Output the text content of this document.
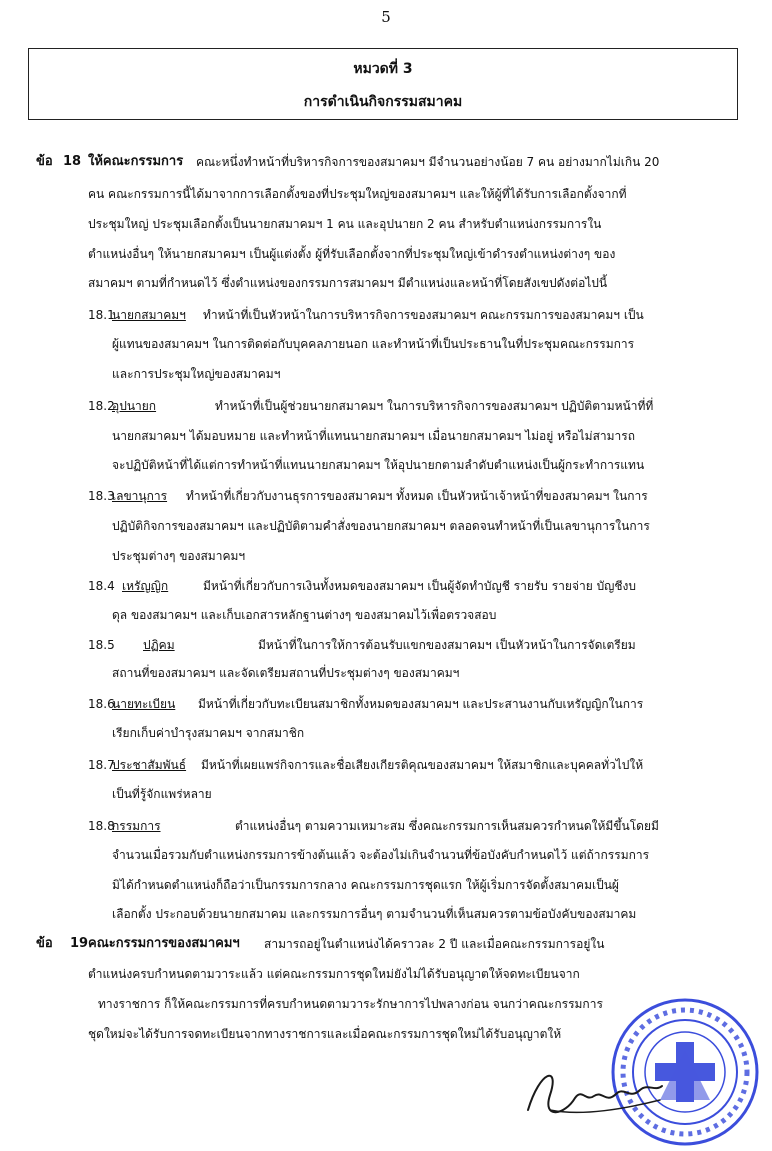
5
หมวดที่ 3
การดำเนินกิจกรรมสมาคม
ข้อ 18 ให้คณะกรรมการ คณะหนึ่งทำหน้าที่บริหารกิจการของสมาคมฯ มีจำนวนอย่างน้อย 7 คน อย่างมากไม่เกิน 20
คน คณะกรรมการนี้ได้มาจากการเลือกตั้งของที่ประชุมใหญ่ของสมาคมฯ และให้ผู้ที่ได้รับการเลือกตั้งจากที่
ประชุมใหญ่ ประชุมเลือกตั้งเป็นนายกสมาคมฯ 1 คน และอุปนายก 2 คน สำหรับตำแหน่งกรรมการใน
ตำแหน่งอื่นๆ ให้นายกสมาคมฯ เป็นผู้แต่งตั้ง ผู้ที่รับเลือกตั้งจากที่ประชุมใหญ่เข้าดำรงตำแหน่งต่างๆ ของ
สมาคมฯ ตามที่กำหนดไว้ ซึ่งตำแหน่งของกรรมการสมาคมฯ มีตำแหน่งและหน้าที่โดยสังเขปดังต่อไปนี้
18.1
นายกสมาคมฯ ทำหน้าที่เป็นหัวหน้าในการบริหารกิจการของสมาคมฯ คณะกรรมการของสมาคมฯ เป็น
ผู้แทนของสมาคมฯ ในการติดต่อกับบุคคลภายนอก และทำหน้าที่เป็นประธานในที่ประชุมคณะกรรมการ
และการประชุมใหญ่ของสมาคมฯ
18.2
อุปนายก	ทำหน้าที่เป็นผู้ช่วยนายกสมาคมฯ ในการบริหารกิจการของสมาคมฯ ปฏิบัติตามหน้าที่ที่
นายกสมาคมฯ ได้มอบหมาย และทำหน้าที่แทนนายกสมาคมฯ เมื่อนายกสมาคมฯ ไม่อยู่ หรือไม่สามารถ
จะปฏิบัติหน้าที่ได้แต่การทำหน้าที่แทนนายกสมาคมฯ ให้อุปนายกตามลำดับตำแหน่งเป็นผู้กระทำการแทน
18.3
เลขานุการ ทำหน้าที่เกี่ยวกับงานธุรการของสมาคมฯ ทั้งหมด เป็นหัวหน้าเจ้าหน้าที่ของสมาคมฯ ในการ
ปฏิบัติกิจการของสมาคมฯ และปฏิบัติตามคำสั่งของนายกสมาคมฯ ตลอดจนทำหน้าที่เป็นเลขานุการในการ
ประชุมต่างๆ ของสมาคมฯ
18.4 เหรัญญิก	มีหน้าที่เกี่ยวกับการเงินทั้งหมดของสมาคมฯ เป็นผู้จัดทำบัญชี รายรับ รายจ่าย บัญชีงบ
ดุล ของสมาคมฯ และเก็บเอกสารหลักฐานต่างๆ ของสมาคมไว้เพื่อตรวจสอบ
18.5 ปฏิคม	มีหน้าที่ในการให้การต้อนรับแขกของสมาคมฯ เป็นหัวหน้าในการจัดเตรียม
สถานที่ของสมาคมฯ และจัดเตรียมสถานที่ประชุมต่างๆ ของสมาคมฯ
18.6
นายทะเบียน มีหน้าที่เกี่ยวกับทะเบียนสมาชิกทั้งหมดของสมาคมฯ และประสานงานกับเหรัญญิกในการ
เรียกเก็บค่าบำรุงสมาคมฯ จากสมาชิก
18.7
ประชาสัมพันธ์ มีหน้าที่เผยแพร่กิจการและชื่อเสียงเกียรติคุณของสมาคมฯ ให้สมาชิกและบุคคลทั่วไปให้
เป็นที่รู้จักแพร่หลาย
18.8
กรรมการ	ตำแหน่งอื่นๆ ตามความเหมาะสม ซึ่งคณะกรรมการเห็นสมควรกำหนดให้มีขึ้นโดยมี
จำนวนเมื่อรวมกับตำแหน่งกรรมการข้างต้นแล้ว จะต้องไม่เกินจำนวนที่ข้อบังคับกำหนดไว้ แต่ถ้ากรรมการ
มิได้กำหนดตำแหน่งก็ถือว่าเป็นกรรมการกลาง คณะกรรมการชุดแรก ให้ผู้เริ่มการจัดตั้งสมาคมเป็นผู้
เลือกตั้ง ประกอบด้วยนายกสมาคม และกรรมการอื่นๆ ตามจำนวนที่เห็นสมควรตามข้อบังคับของสมาคม
ข้อ 19 คณะกรรมการของสมาคมฯ สามารถอยู่ในตำแหน่งได้คราวละ 2 ปี และเมื่อคณะกรรมการอยู่ใน
ตำแหน่งครบกำหนดตามวาระแล้ว แต่คณะกรรมการชุดใหม่ยังไม่ได้รับอนุญาตให้จดทะเบียนจาก
ทางราชการ ก็ให้คณะกรรมการที่ครบกำหนดตามวาระรักษาการไปพลางก่อน จนกว่าคณะกรรมการ
ชุดใหม่จะได้รับการจดทะเบียนจากทางราชการและเมื่อคณะกรรมการชุดใหม่ได้รับอนุญาตให้
